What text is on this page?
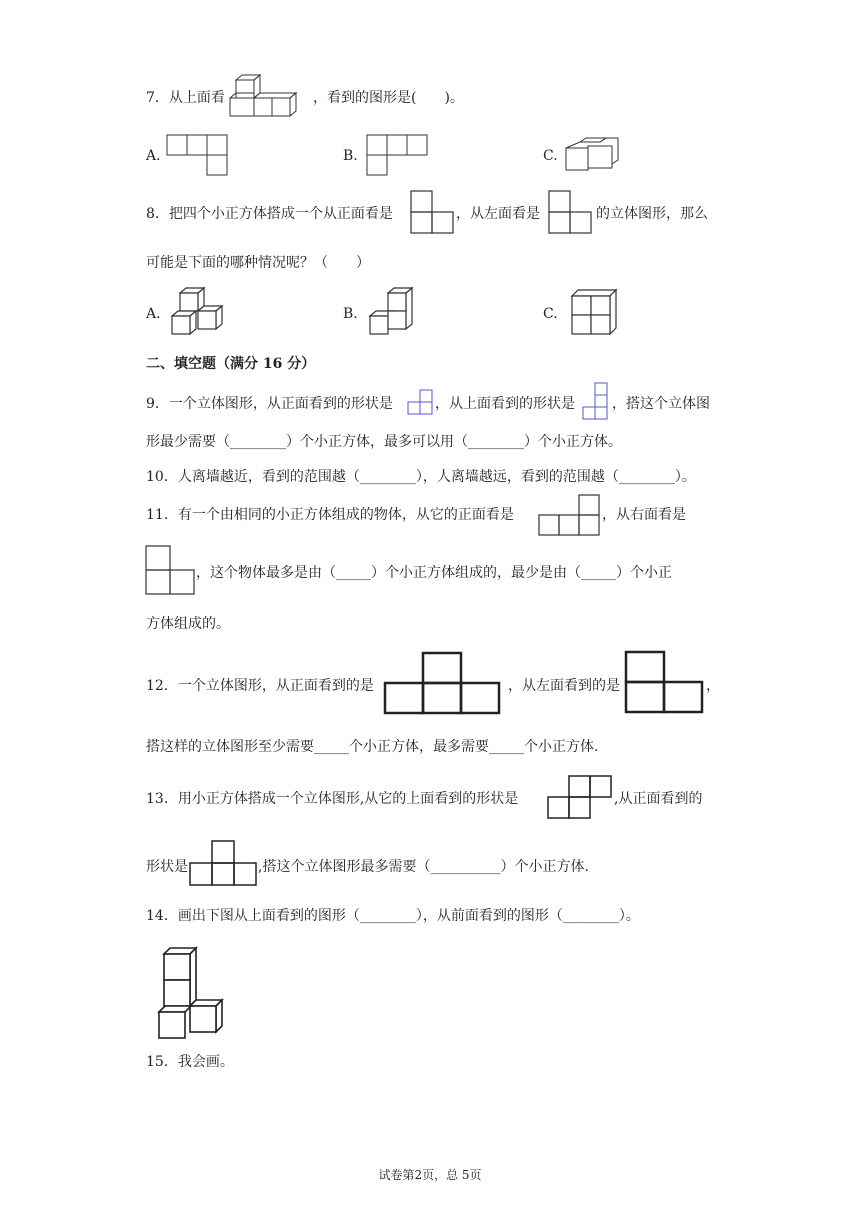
7．从上面看	，看到的图形是(　　)。
A.	B.	C.
8．把四个小正方体搭成一个从正面看是	，从左面看是	的立体图形，那么
可能是下面的哪种情况呢？（　　）
A.	B.	C.
二、填空题（满分 16 分）
9．一个立体图形，从正面看到的形状是	，从上面看到的形状是	，搭这个立体图
形最少需要（________）个小正方体，最多可以用（________）个小正方体。
10．人离墙越近，看到的范围越（________），人离墙越远，看到的范围越（________）。
11．有一个由相同的小正方体组成的物体，从它的正面看是	，从右面看是
，这个物体最多是由（_____）个小正方体组成的，最少是由（_____）个小正
方体组成的。
12．一个立体图形，从正面看到的是	，从左面看到的是	，
搭这样的立体图形至少需要_____个小正方体，最多需要_____个小正方体.
13．用小正方体搭成一个立体图形,从它的上面看到的形状是	,从正面看到的
形状是	,搭这个立体图形最多需要（__________）个小正方体.
14．画出下图从上面看到的图形（________），从前面看到的图形（________）。
15．我会画。
试卷第2页，总 5页
